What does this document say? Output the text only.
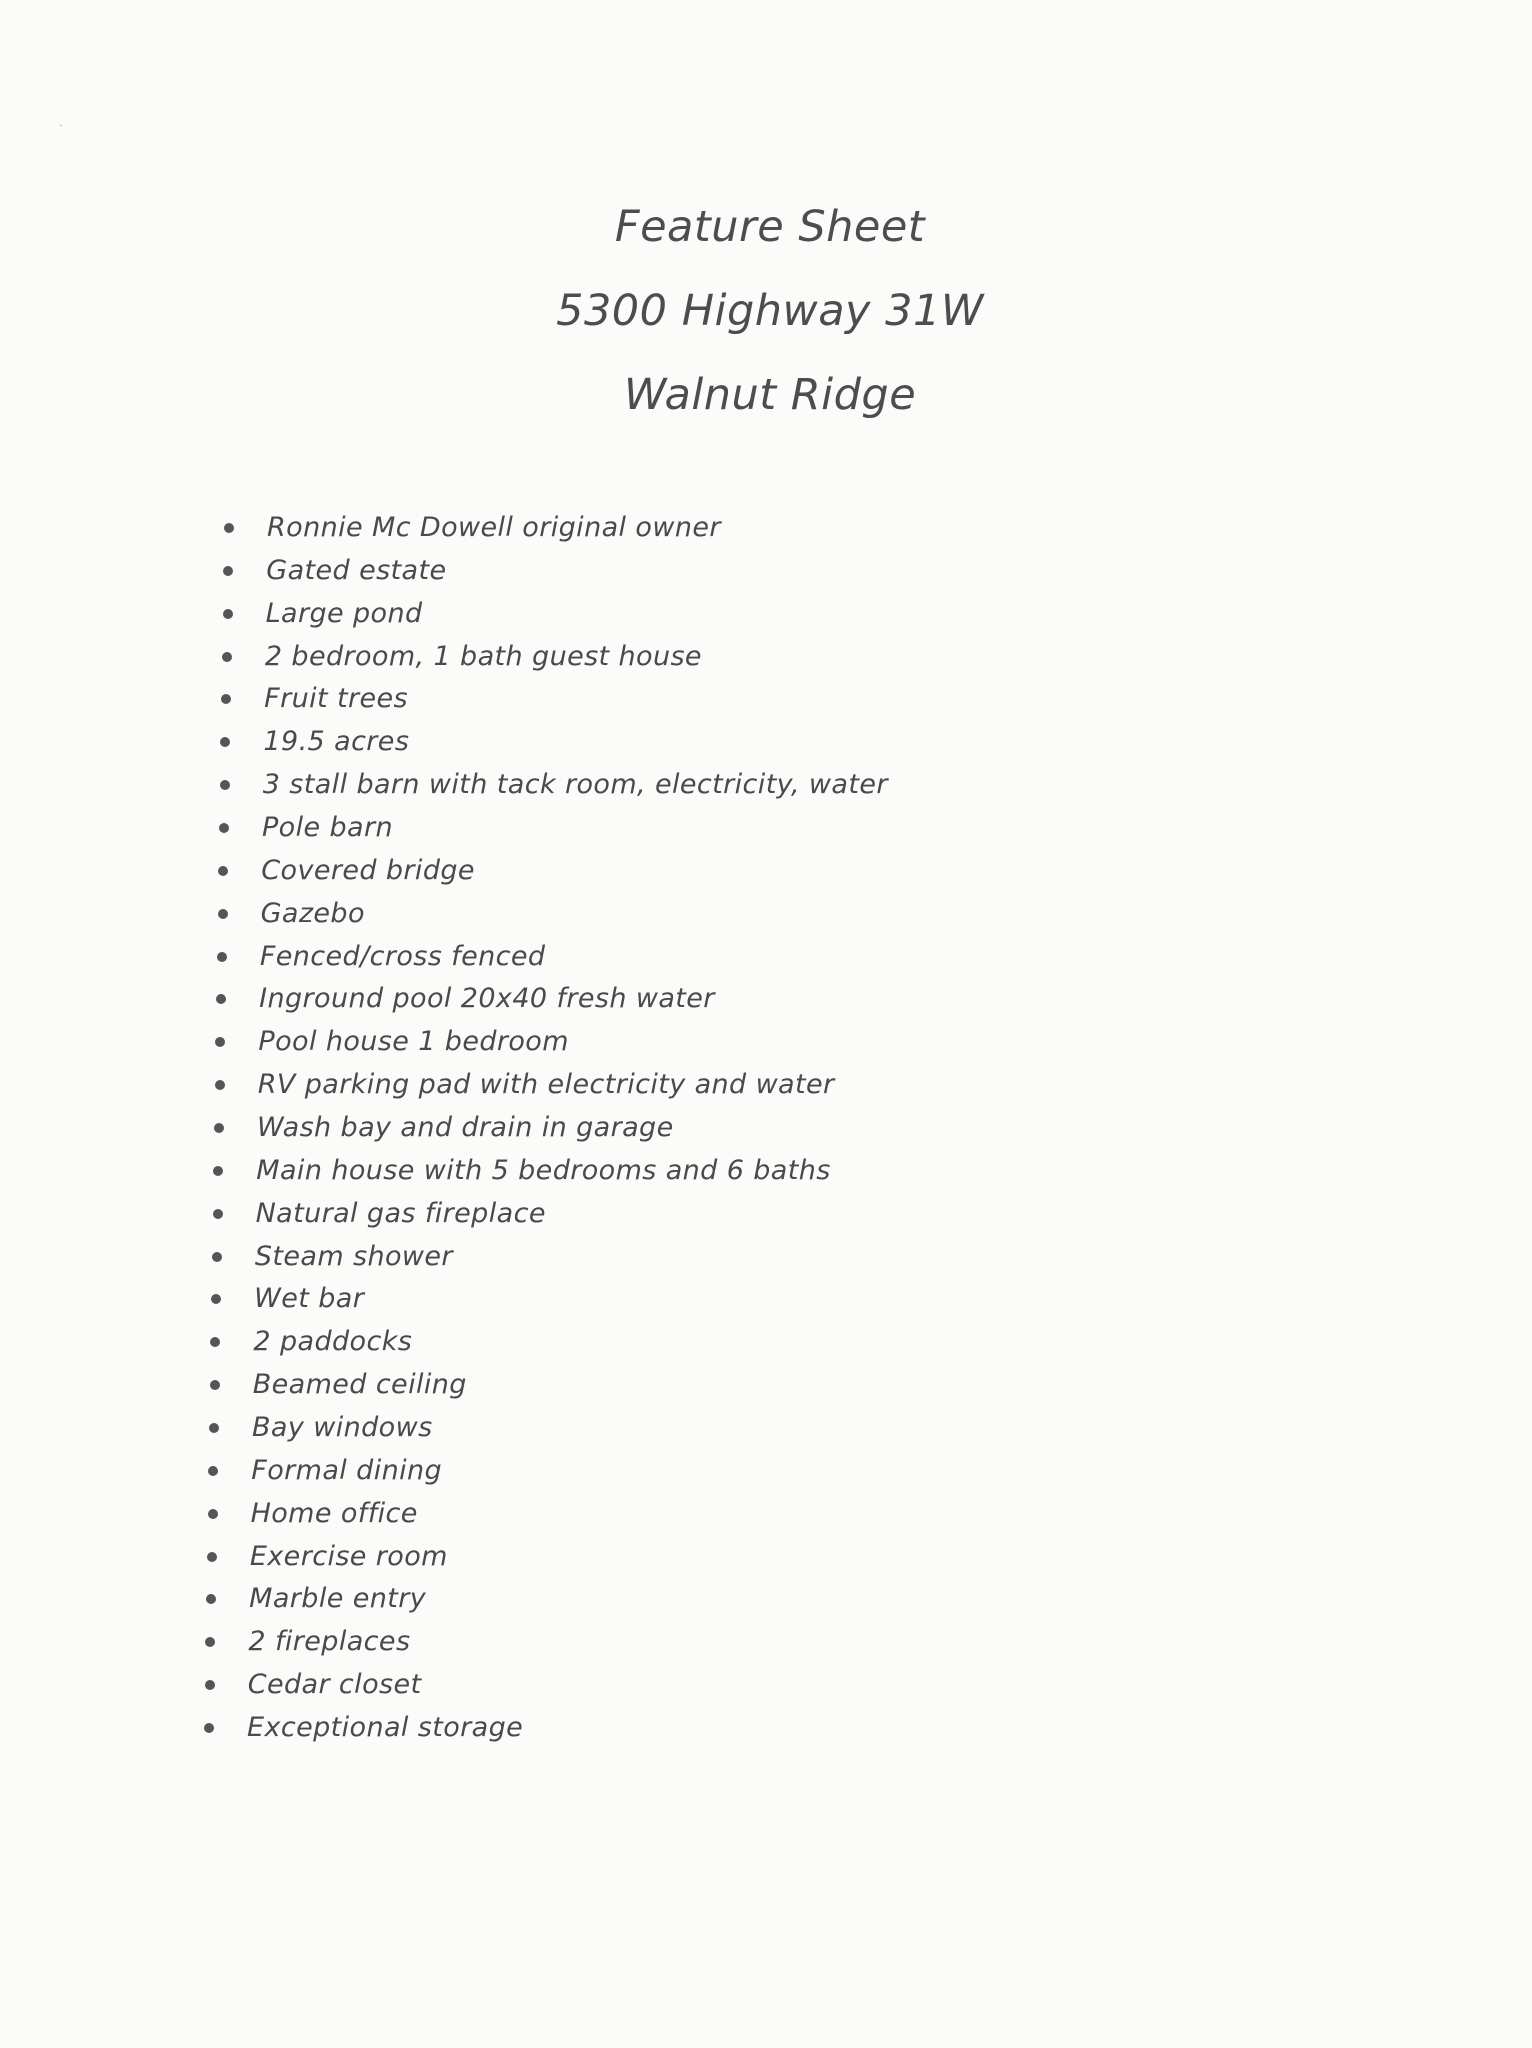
Feature Sheet
5300 Highway 31W
Walnut Ridge
Ronnie Mc Dowell original owner
Gated estate
Large pond
2 bedroom, 1 bath guest house
Fruit trees
19.5 acres
3 stall barn with tack room, electricity, water
Pole barn
Covered bridge
Gazebo
Fenced/cross fenced
Inground pool 20x40 fresh water
Pool house 1 bedroom
RV parking pad with electricity and water
Wash bay and drain in garage
Main house with 5 bedrooms and 6 baths
Natural gas fireplace
Steam shower
Wet bar
2 paddocks
Beamed ceiling
Bay windows
Formal dining
Home office
Exercise room
Marble entry
2 fireplaces
Cedar closet
Exceptional storage
